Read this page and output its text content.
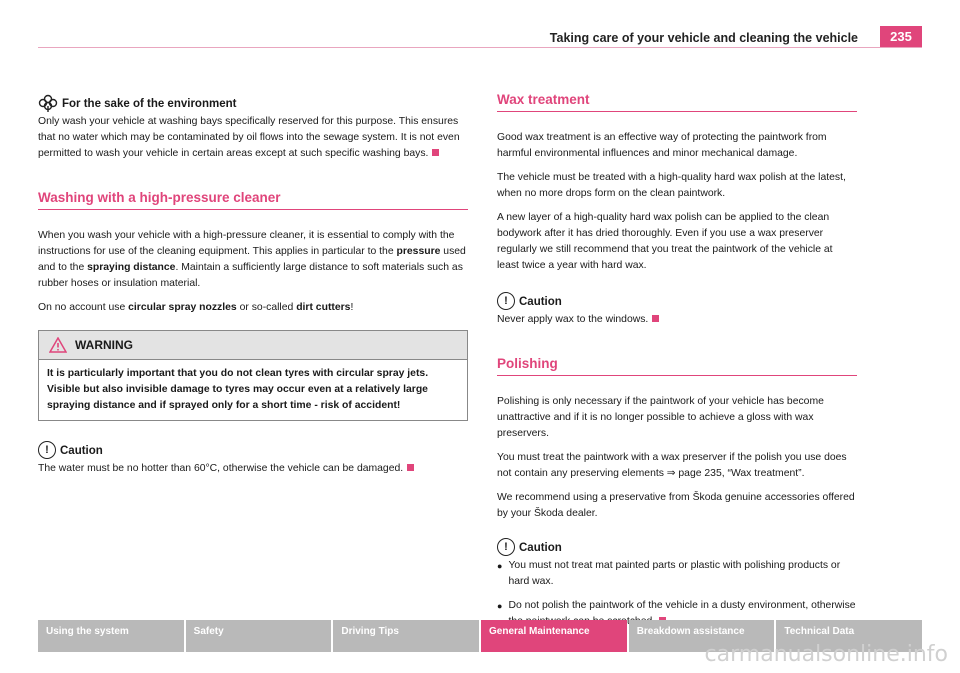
Taking care of your vehicle and cleaning the vehicle	235
For the sake of the environment

Only wash your vehicle at washing bays specifically reserved for this purpose. This ensures that no water which may be contaminated by oil flows into the sewage system. It is not even permitted to wash your vehicle in certain areas except at such specific washing bays.

Washing with a high-pressure cleaner

When you wash your vehicle with a high-pressure cleaner, it is essential to comply with the instructions for use of the cleaning equipment. This applies in particular to the pressure used and to the spraying distance. Maintain a sufficiently large distance to soft materials such as rubber hoses or insulation material.

On no account use circular spray nozzles or so-called dirt cutters!

WARNING
It is particularly important that you do not clean tyres with circular spray jets. Visible but also invisible damage to tyres may occur even at a relatively large spraying distance and if sprayed only for a short time - risk of accident!
! Caution

The water must be no hotter than 60°C, otherwise the vehicle can be damaged.

Wax treatment

Good wax treatment is an effective way of protecting the paintwork from harmful environmental influences and minor mechanical damage.

The vehicle must be treated with a high-quality hard wax polish at the latest, when no more drops form on the clean paintwork.

A new layer of a high-quality hard wax polish can be applied to the clean bodywork after it has dried thoroughly. Even if you use a wax preserver regularly we still recommend that you treat the paintwork of the vehicle at least twice a year with hard wax.

! Caution

Never apply wax to the windows.

Polishing

Polishing is only necessary if the paintwork of your vehicle has become unattractive and if it is no longer possible to achieve a gloss with wax preservers.

You must treat the paintwork with a wax preserver if the polish you use does not contain any preserving elements ⇒ page 235, “Wax treatment”.

We recommend using a preservative from Škoda genuine accessories offered by your Škoda dealer.

! Caution
● You must not treat mat painted parts or plastic with polishing products or hard wax.
● Do not polish the paintwork of the vehicle in a dusty environment, otherwise
Using the system	Safety	Driving Tips	General Maintenance	Breakdown assistance	Technical Data
carmanualsonline.info
